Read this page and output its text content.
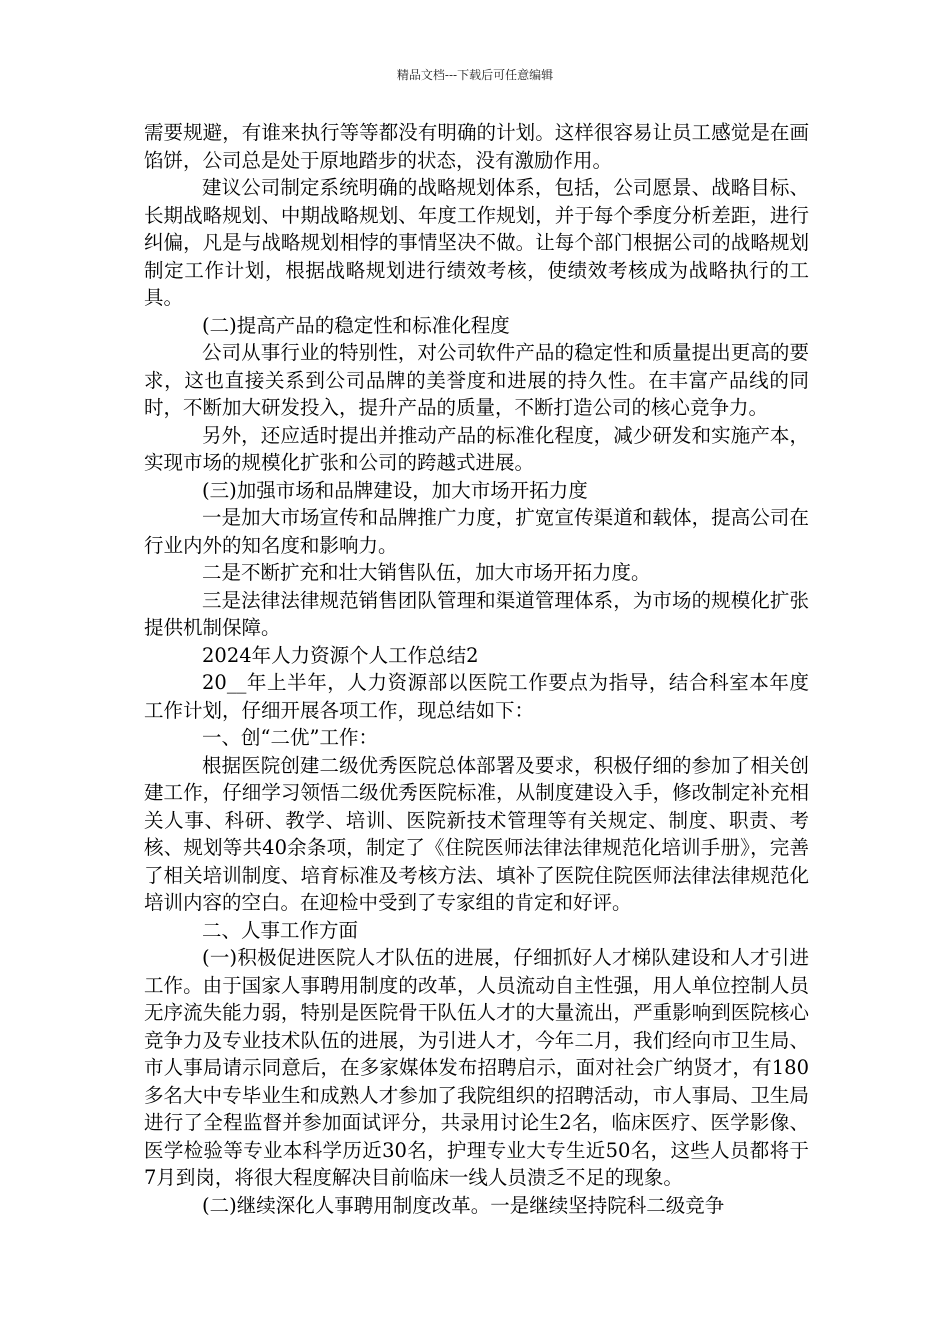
精品文档---下载后可任意编辑

需要规避，有谁来执行等等都没有明确的计划。这样很容易让员工感觉是在画馅饼，公司总是处于原地踏步的状态，没有激励作用。

建议公司制定系统明确的战略规划体系，包括，公司愿景、战略目标、长期战略规划、中期战略规划、年度工作规划，并于每个季度分析差距，进行纠偏，凡是与战略规划相悖的事情坚决不做。让每个部门根据公司的战略规划制定工作计划，根据战略规划进行绩效考核，使绩效考核成为战略执行的工具。

(二)提高产品的稳定性和标准化程度

公司从事行业的特别性，对公司软件产品的稳定性和质量提出更高的要求，这也直接关系到公司品牌的美誉度和进展的持久性。在丰富产品线的同时，不断加大研发投入，提升产品的质量，不断打造公司的核心竞争力。

另外，还应适时提出并推动产品的标准化程度，减少研发和实施产本，实现市场的规模化扩张和公司的跨越式进展。

(三)加强市场和品牌建设，加大市场开拓力度

一是加大市场宣传和品牌推广力度，扩宽宣传渠道和载体，提高公司在行业内外的知名度和影响力。

二是不断扩充和壮大销售队伍，加大市场开拓力度。

三是法律法律规范销售团队管理和渠道管理体系，为市场的规模化扩张提供机制保障。

2024年人力资源个人工作总结2

20__年上半年，人力资源部以医院工作要点为指导，结合科室本年度工作计划，仔细开展各项工作，现总结如下：

一、创“二优”工作：

根据医院创建二级优秀医院总体部署及要求，积极仔细的参加了相关创建工作，仔细学习领悟二级优秀医院标准，从制度建设入手，修改制定补充相关人事、科研、教学、培训、医院新技术管理等有关规定、制度、职责、考核、规划等共40余条项，制定了《住院医师法律法律规范化培训手册》，完善了相关培训制度、培育标准及考核方法、填补了医院住院医师法律法律规范化培训内容的空白。在迎检中受到了专家组的肯定和好评。

二、人事工作方面

(一)积极促进医院人才队伍的进展，仔细抓好人才梯队建设和人才引进工作。由于国家人事聘用制度的改革，人员流动自主性强，用人单位控制人员无序流失能力弱，特别是医院骨干队伍人才的大量流出，严重影响到医院核心竞争力及专业技术队伍的进展，为引进人才，今年二月，我们经向市卫生局、市人事局请示同意后，在多家媒体发布招聘启示，面对社会广纳贤才，有180多名大中专毕业生和成熟人才参加了我院组织的招聘活动，市人事局、卫生局进行了全程监督并参加面试评分，共录用讨论生2名，临床医疗、医学影像、医学检验等专业本科学历近30名，护理专业大专生近50名，这些人员都将于7月到岗，将很大程度解决目前临床一线人员溃乏不足的现象。

(二)继续深化人事聘用制度改革。一是继续坚持院科二级竞争
